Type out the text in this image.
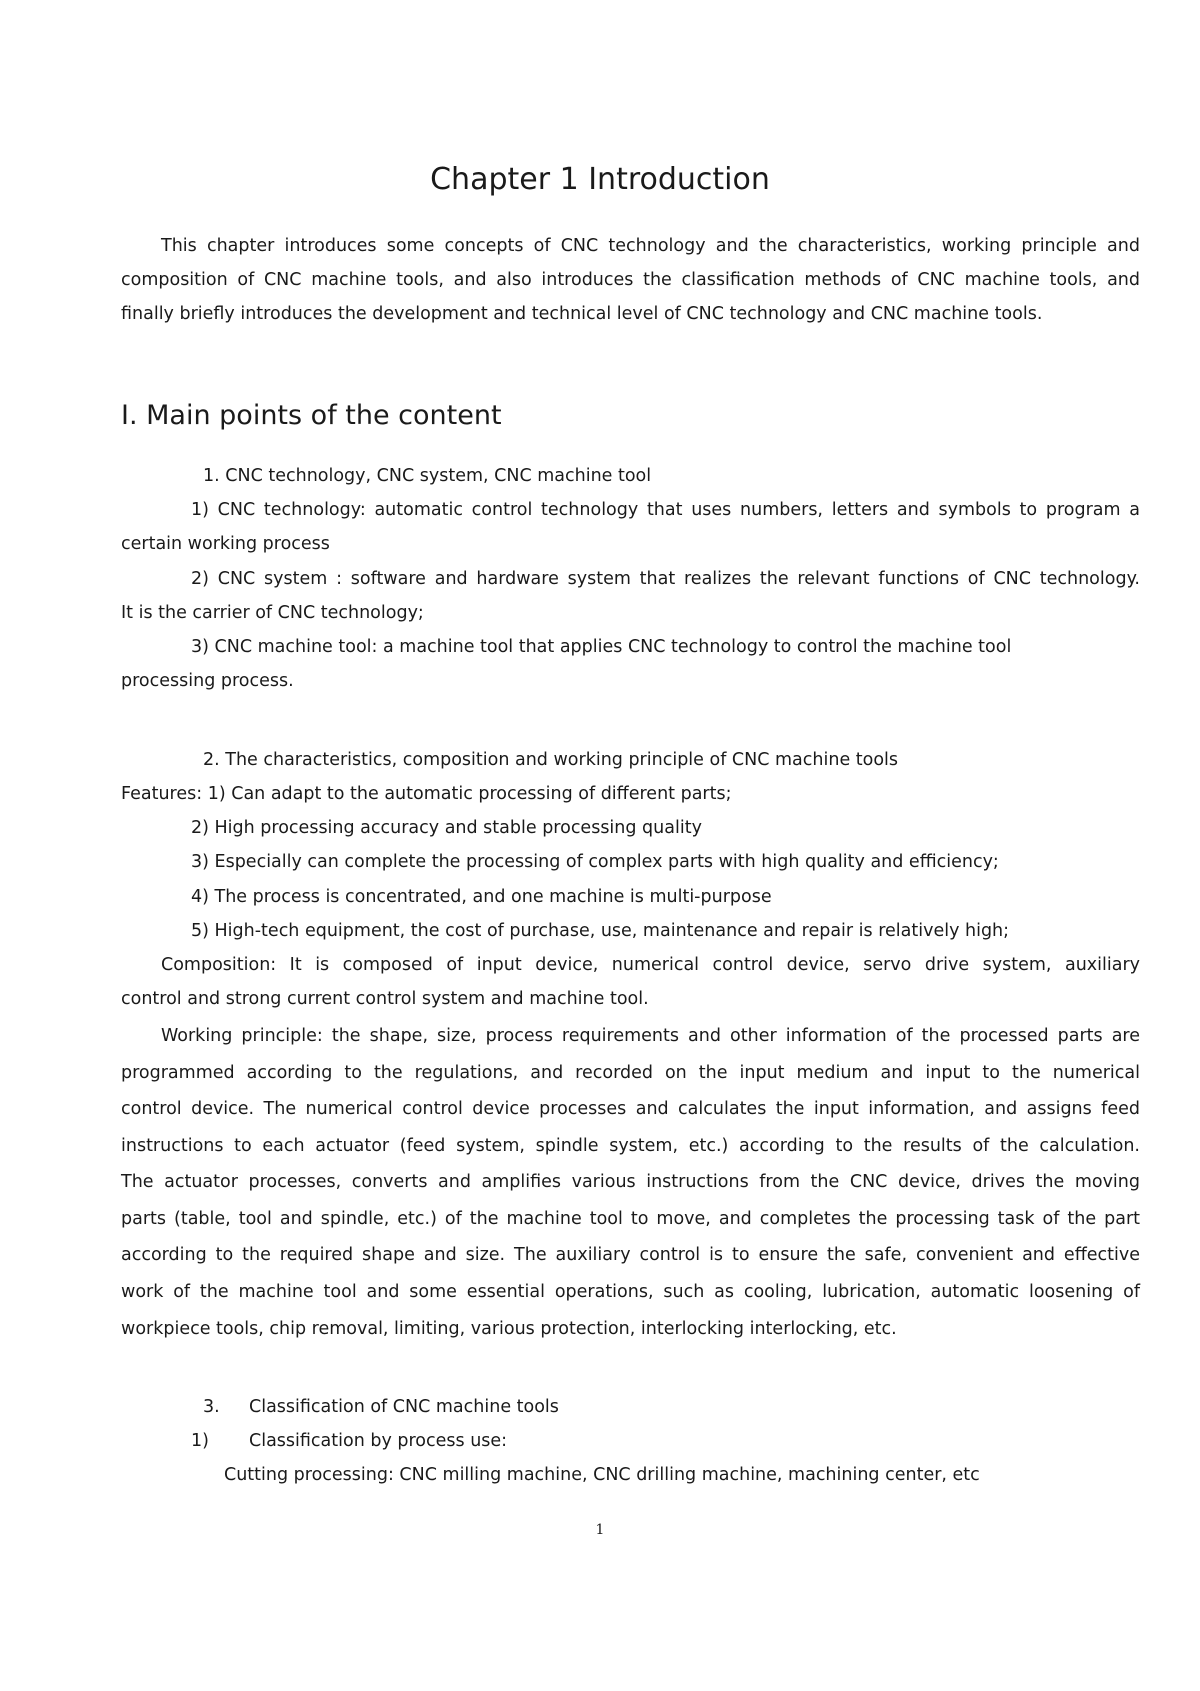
Chapter 1 Introduction

This chapter introduces some concepts of CNC technology and the characteristics, working principle and

composition of CNC machine tools, and also introduces the classification methods of CNC machine tools, and

finally briefly introduces the development and technical level of CNC technology and CNC machine tools.

I. Main points of the content

1. CNC technology, CNC system, CNC machine tool

1) CNC technology: automatic control technology that uses numbers, letters and symbols to program a

certain working process

2) CNC system : software and hardware system that realizes the relevant functions of CNC technology.

It is the carrier of CNC technology;

3) CNC machine tool: a machine tool that applies CNC technology to control the machine tool

processing process.

2. The characteristics, composition and working principle of CNC machine tools

Features: 1) Can adapt to the automatic processing of different parts;

2) High processing accuracy and stable processing quality

3) Especially can complete the processing of complex parts with high quality and efficiency;

4) The process is concentrated, and one machine is multi-purpose

5) High-tech equipment, the cost of purchase, use, maintenance and repair is relatively high;

Composition: It is composed of input device, numerical control device, servo drive system, auxiliary

control and strong current control system and machine tool.

Working principle: the shape, size, process requirements and other information of the processed parts are

programmed according to the regulations, and recorded on the input medium and input to the numerical

control device. The numerical control device processes and calculates the input information, and assigns feed

instructions to each actuator (feed system, spindle system, etc.) according to the results of the calculation.

The actuator processes, converts and amplifies various instructions from the CNC device, drives the moving

parts (table, tool and spindle, etc.) of the machine tool to move, and completes the processing task of the part

according to the required shape and size. The auxiliary control is to ensure the safe, convenient and effective

work of the machine tool and some essential operations, such as cooling, lubrication, automatic loosening of

workpiece tools, chip removal, limiting, various protection, interlocking interlocking, etc.

3. Classification of CNC machine tools

1) Classification by process use:

Cutting processing: CNC milling machine, CNC drilling machine, machining center, etc

1
